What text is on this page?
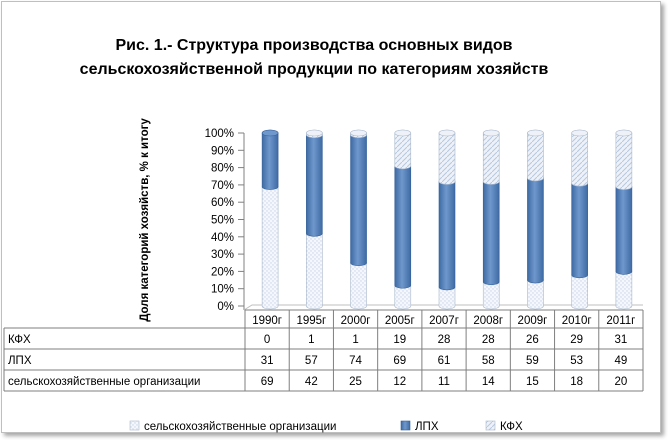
Рис. 1.- Структура производства основных видов
сельскохозяйственной продукции по категориям хозяйств
Доля категорий хозяйств, % к итогу	0%
10%
20%
30%
40%
50%
60%
70%
80%
90%
100%
1990г 1995г 2000г 2005г 2007г 2008г 2009г 2010г 2011г
КФХ	0	1	1	19	28	28	26	29	31
ЛПХ	31	57	74	69	61	58	59	53	49
сельскохозяйственные организации	69	42	25	12	11	14	15	18	20
сельскохозяйственные организации	ЛПХ	КФХ
